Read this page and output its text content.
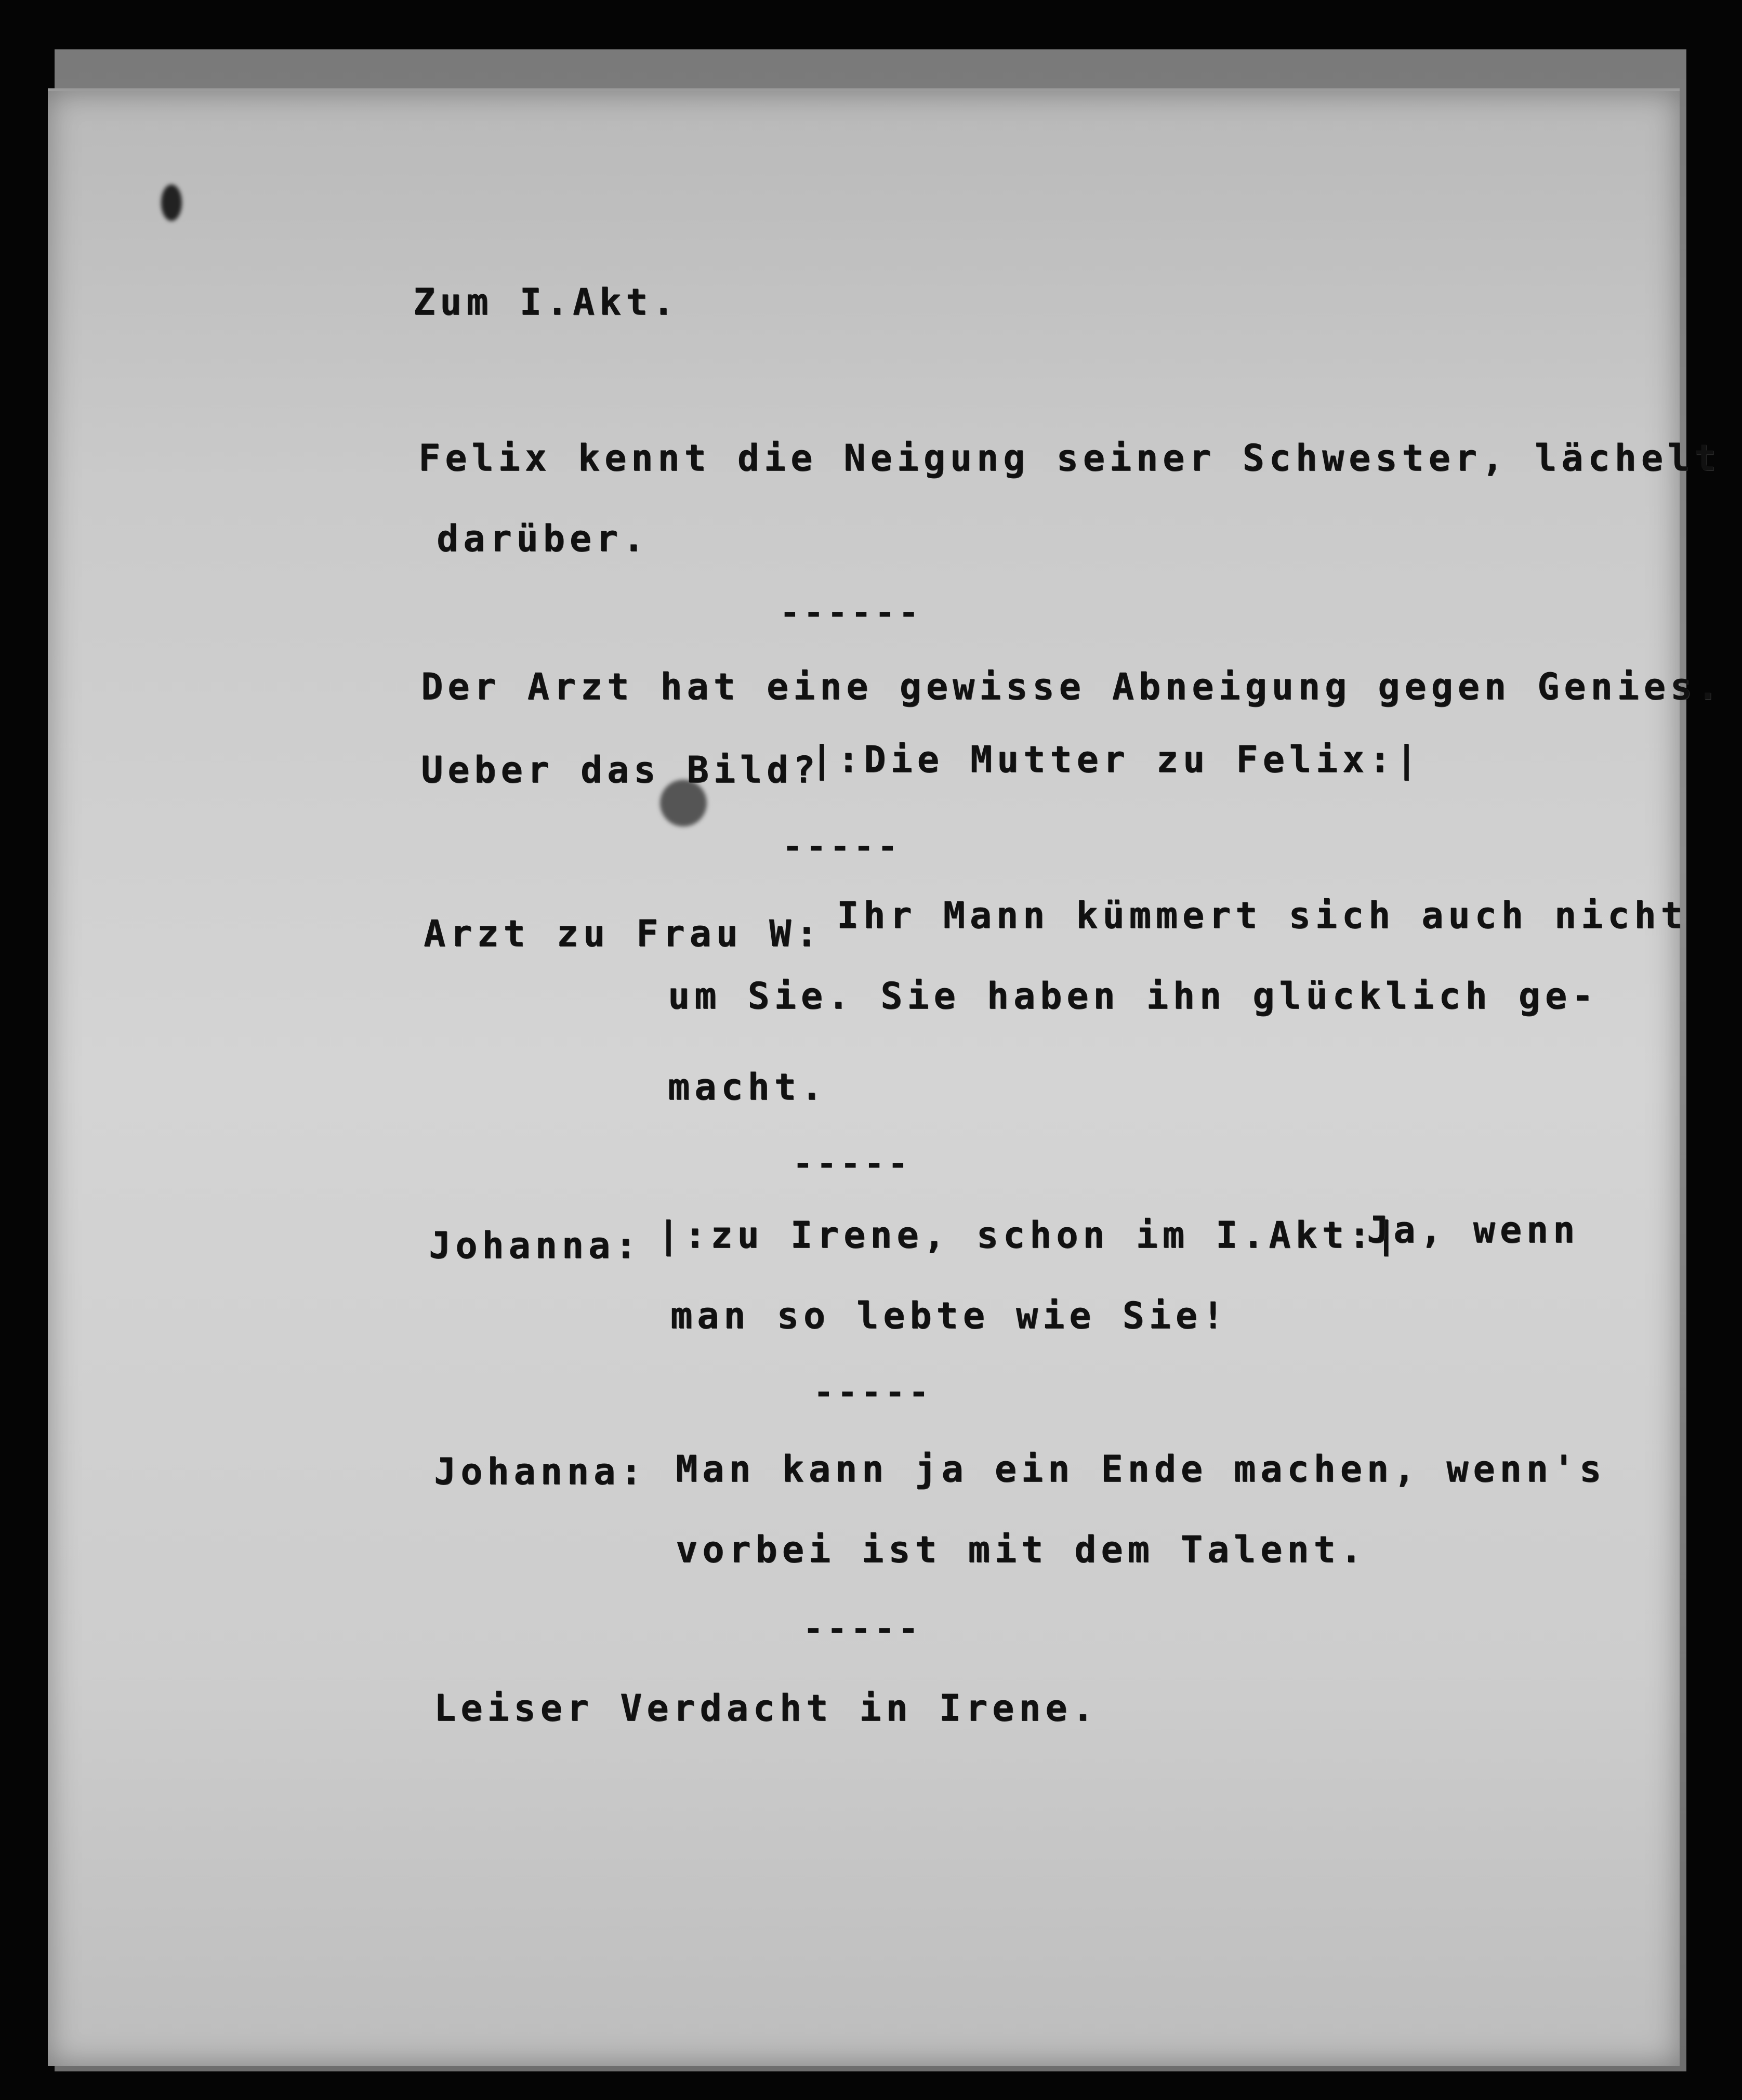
Zum I.Akt.
Felix kennt die Neigung seiner Schwester, lächelt
darüber.
------
Der Arzt hat eine gewisse Abneigung gegen Genies.
Ueber das Bild?
|:Die Mutter zu Felix:|
-----
Arzt zu Frau W: Ihr Mann kümmert sich auch nicht
um Sie. Sie haben ihn glücklich ge-
macht.
-----
Johanna: |:zu Irene, schon im I.Akt:|
Ja, wenn
man so lebte wie Sie!
-----
Johanna: Man kann ja ein Ende machen, wenn's
vorbei ist mit dem Talent.
-----
Leiser Verdacht in Irene.
